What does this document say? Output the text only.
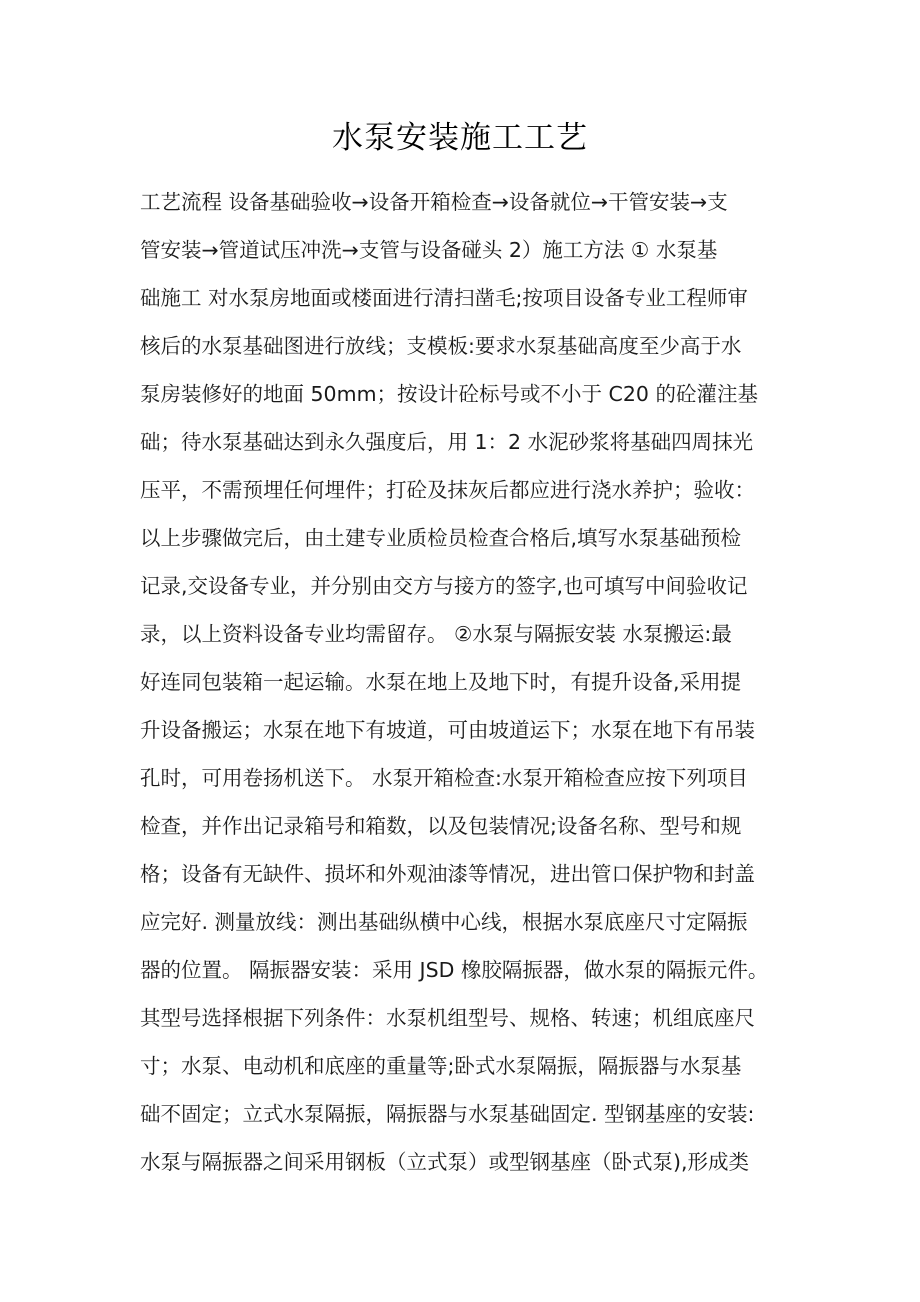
水泵安装施工工艺
工艺流程 设备基础验收→设备开箱检查→设备就位→干管安装→支
管安装→管道试压冲洗→支管与设备碰头 2）施工方法 ① 水泵基
础施工 对水泵房地面或楼面进行清扫凿毛;按项目设备专业工程师审
核后的水泵基础图进行放线；支模板:要求水泵基础高度至少高于水
泵房装修好的地面 50mm；按设计砼标号或不小于 C20 的砼灌注基
础；待水泵基础达到永久强度后，用 1：2 水泥砂浆将基础四周抹光
压平，不需预埋任何埋件；打砼及抹灰后都应进行浇水养护；验收：
以上步骤做完后，由土建专业质检员检查合格后,填写水泵基础预检
记录,交设备专业，并分别由交方与接方的签字,也可填写中间验收记
录，以上资料设备专业均需留存。 ②水泵与隔振安装 水泵搬运:最
好连同包装箱一起运输。水泵在地上及地下时，有提升设备,采用提
升设备搬运；水泵在地下有坡道，可由坡道运下；水泵在地下有吊装
孔时，可用卷扬机送下。 水泵开箱检查:水泵开箱检查应按下列项目
检查，并作出记录箱号和箱数，以及包装情况;设备名称、型号和规
格；设备有无缺件、损坏和外观油漆等情况，进出管口保护物和封盖
应完好. 测量放线：测出基础纵横中心线，根据水泵底座尺寸定隔振
器的位置。 隔振器安装：采用 JSD 橡胶隔振器，做水泵的隔振元件。
其型号选择根据下列条件：水泵机组型号、规格、转速；机组底座尺
寸；水泵、电动机和底座的重量等;卧式水泵隔振，隔振器与水泵基
础不固定；立式水泵隔振，隔振器与水泵基础固定. 型钢基座的安装:
水泵与隔振器之间采用钢板（立式泵）或型钢基座（卧式泵),形成类
